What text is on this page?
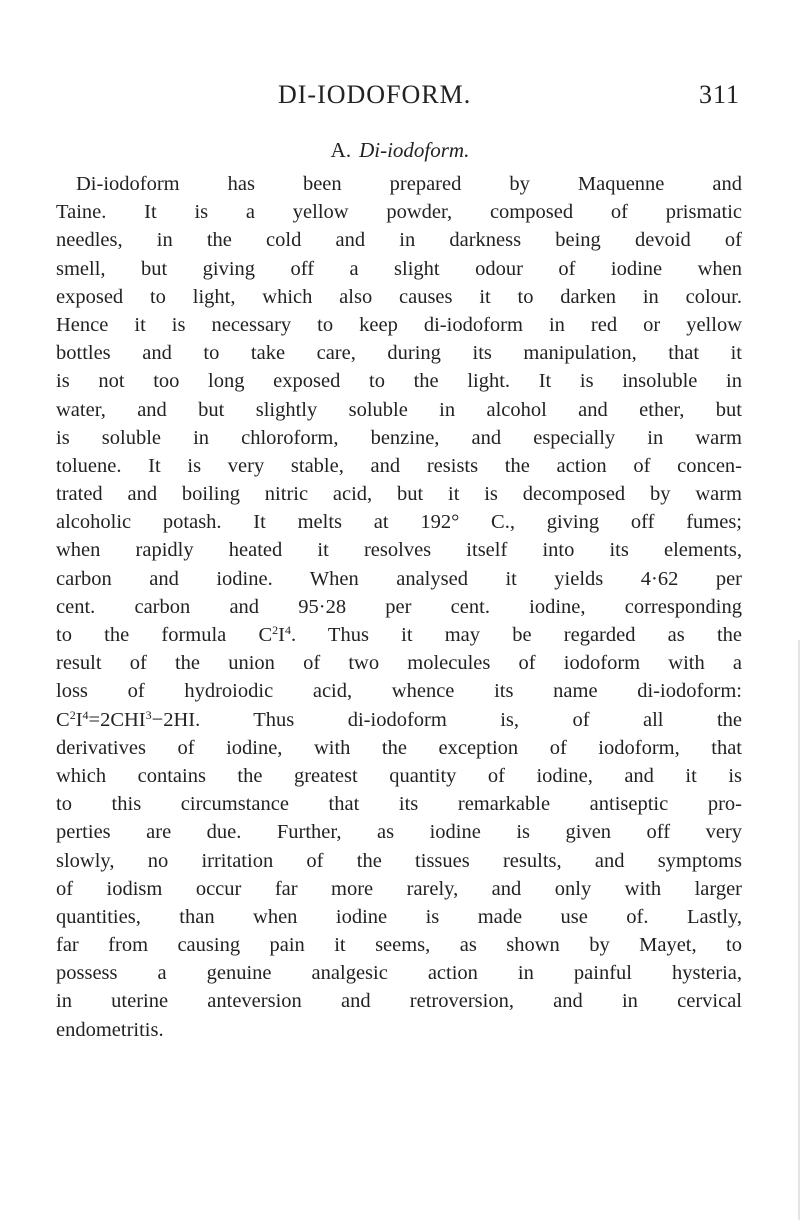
DI-IODOFORM.	311
A. Di-iodoform.
Di-iodoform has been prepared by Maquenne and
Taine. It is a yellow powder, composed of prismatic
needles, in the cold and in darkness being devoid of
smell, but giving off a slight odour of iodine when
exposed to light, which also causes it to darken in colour.
Hence it is necessary to keep di-iodoform in red or yellow
bottles and to take care, during its manipulation, that it
is not too long exposed to the light. It is insoluble in
water, and but slightly soluble in alcohol and ether, but
is soluble in chloroform, benzine, and especially in warm
toluene. It is very stable, and resists the action of concen-
trated and boiling nitric acid, but it is decomposed by warm
alcoholic potash. It melts at 192° C., giving off fumes;
when rapidly heated it resolves itself into its elements,
carbon and iodine. When analysed it yields 4·62 per
cent. carbon and 95·28 per cent. iodine, corresponding
to the formula $C^2I^4$. Thus it may be regarded as the
result of the union of two molecules of iodoform with a
loss of hydroiodic acid, whence its name di-iodoform:
$C^2I^4=2CHI^3-2HI$. Thus di-iodoform is, of all the
derivatives of iodine, with the exception of iodoform, that
which contains the greatest quantity of iodine, and it is
to this circumstance that its remarkable antiseptic pro-
perties are due. Further, as iodine is given off very
slowly, no irritation of the tissues results, and symptoms
of iodism occur far more rarely, and only with larger
quantities, than when iodine is made use of. Lastly,
far from causing pain it seems, as shown by Mayet, to
possess a genuine analgesic action in painful hysteria,
in uterine anteversion and retroversion, and in cervical
endometritis.
